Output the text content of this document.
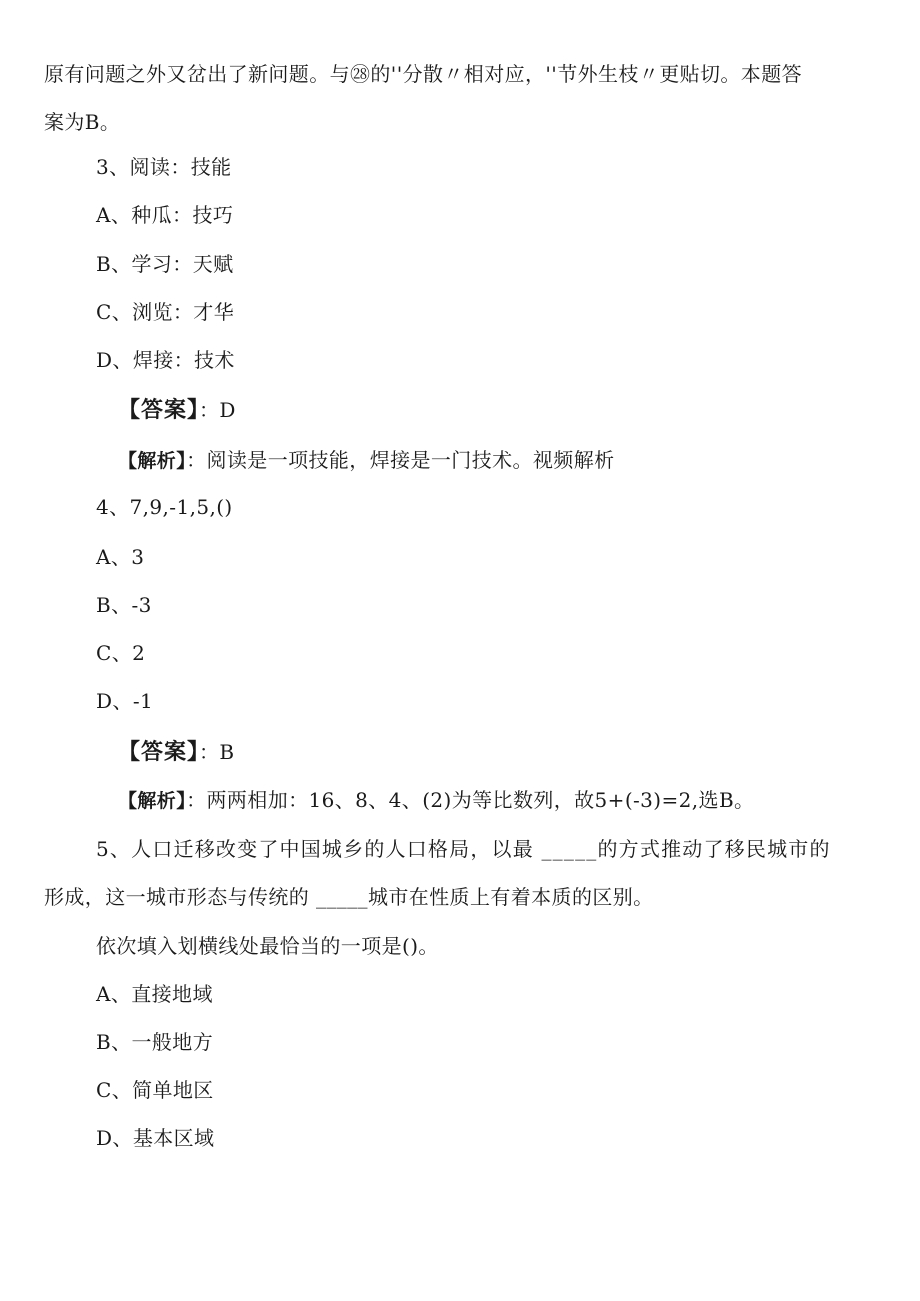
原有问题之外又岔出了新问题。与㉘的''分散〃相对应，''节外生枝〃更贴切。本题答
案为B。
3、阅读：技能
A、种瓜：技巧
B、学习：天赋
C、浏览：才华
D、焊接：技术
【答案】：D
【解析】：阅读是一项技能，焊接是一门技术。视频解析
4、7,9,-1,5,()
A、3
B、-3
C、2
D、-1
【答案】：B
【解析】：两两相加：16、8、4、(2)为等比数列，故5+(-3)=2,选B。
5、人口迁移改变了中国城乡的人口格局，以最 _____的方式推动了移民城市的
形成，这一城市形态与传统的 _____城市在性质上有着本质的区别。
依次填入划横线处最恰当的一项是()。
A、直接地域
B、一般地方
C、简单地区
D、基本区域
